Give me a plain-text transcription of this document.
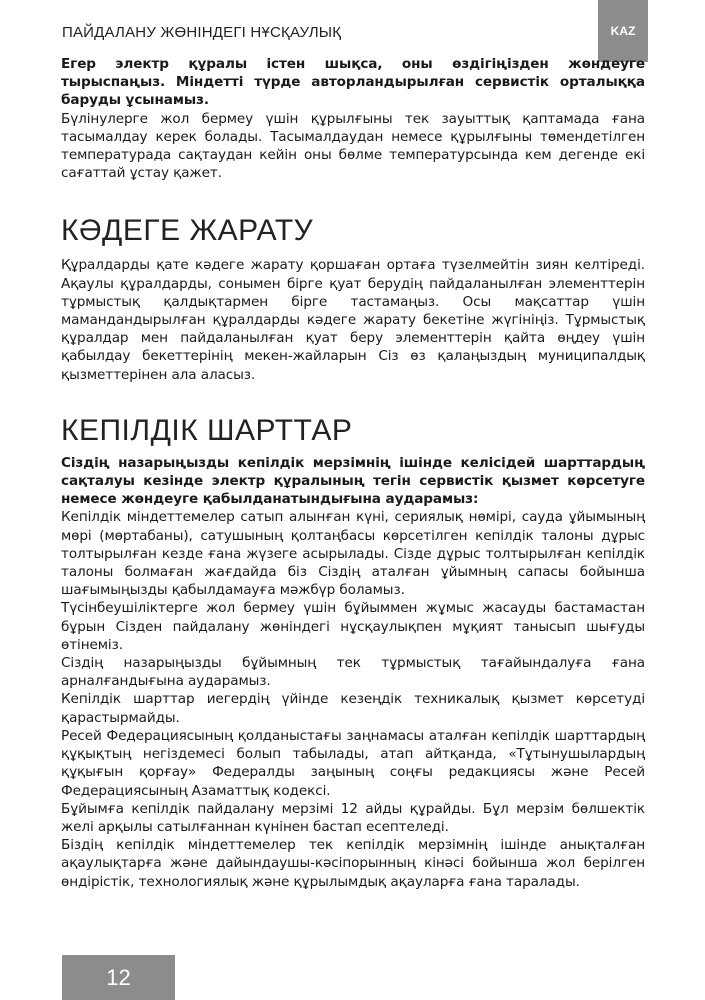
ПАЙДАЛАНУ ЖӨНІНДЕГІ НҰСҚАУЛЫҚ	KAZ

Егер электр құралы істен шықса, оны өздігіңізден жөндеуге тырыспаңыз. Міндетті түрде авторландырылған сервистік орталыққа баруды ұсынамыз.

Бүлінулерге жол бермеу үшін құрылғыны тек зауыттық қаптамада ғана тасымалдау керек болады. Тасымалдаудан немесе құрылғыны төмендетілген температурада сақтаудан кейін оны бөлме температурсында кем дегенде екі сағаттай ұстау қажет.

КӘДЕГЕ ЖАРАТУ

Құралдарды қате кәдеге жарату қоршаған ортаға түзелмейтін зиян келтіреді. Ақаулы құралдарды, сонымен бірге қуат берудің пайдаланылған элементтерін тұрмыстық қалдықтармен бірге тастамаңыз. Осы мақсаттар үшін мамандандырылған құралдарды кәдеге жарату бекетіне жүгініңіз. Тұрмыстық құралдар мен пайдаланылған қуат беру элементтерін қайта өңдеу үшін қабылдау бекеттерінің мекен-жайларын Сіз өз қалаңыздың муниципалдық қызметтерінен ала аласыз.

КЕПІЛДІК ШАРТТАР

Сіздің назарыңызды кепілдік мерзімнің ішінде келісідей шарттардың сақталуы кезінде электр құралының тегін сервистік қызмет көрсетуге немесе жөндеуге қабылданатындығына аударамыз:

Кепілдік міндеттемелер сатып алынған күні, сериялық нөмірі, сауда ұйымының мөрі (мөртабаны), сатушының қолтаңбасы көрсетілген кепілдік талоны дұрыс толтырылған кезде ғана жүзеге асырылады. Сізде дұрыс толтырылған кепілдік талоны болмаған жағдайда біз Сіздің аталған ұйымның сапасы бойынша шағымыңызды қабылдамауға мәжбүр боламыз.

Түсінбеушіліктерге жол бермеу үшін бұйыммен жұмыс жасауды бастамастан бұрын Сізден пайдалану жөніндегі нұсқаулықпен мұқият танысып шығуды өтінеміз.

Сіздің назарыңызды бұйымның тек тұрмыстық тағайындалуға ғана арналғандығына аударамыз.

Кепілдік шарттар иегердің үйінде кезеңдік техникалық қызмет көрсетуді қарастырмайды.

Ресей Федерациясының қолданыстағы заңнамасы аталған кепілдік шарттардың құқықтың негіздемесі болып табылады, атап айтқанда, «Тұтынушылардың құқығын қорғау» Федералды заңының соңғы редакциясы және Ресей Федерациясының Азаматтық кодексі.

Бұйымға кепілдік пайдалану мерзімі 12 айды құрайды. Бұл мерзім бөлшектік желі арқылы сатылғаннан күнінен бастап есептеледі.

Біздің кепілдік міндеттемелер тек кепілдік мерзімнің ішінде анықталған ақаулықтарға және дайындаушы-кәсіпорынның кінәсі бойынша жол берілген өндірістік, технологиялық және құрылымдық ақауларға ғана таралады.

12
